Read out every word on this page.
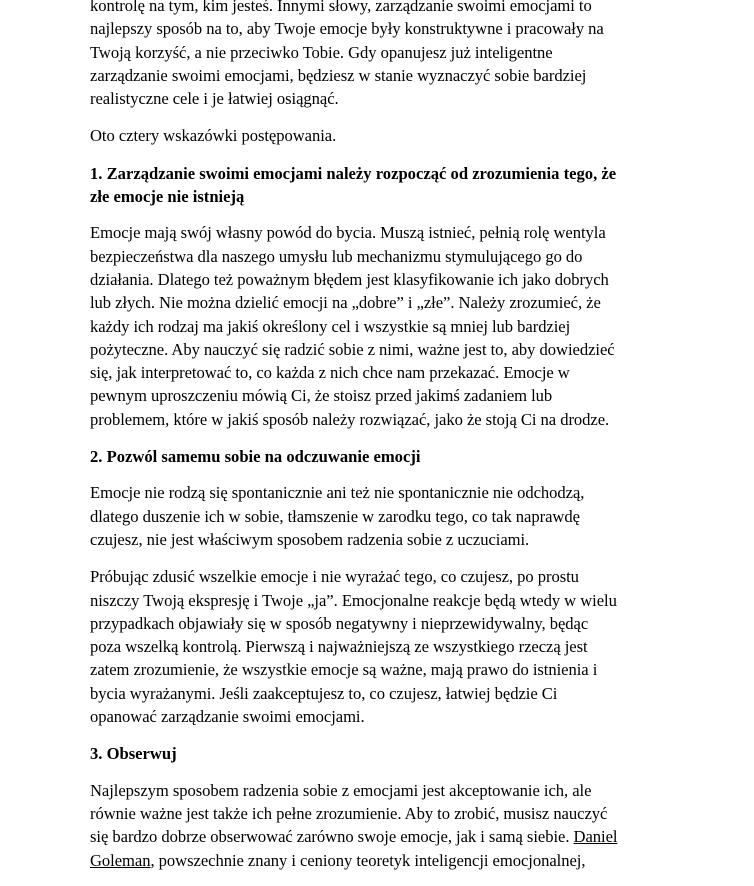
kontrolę na tym, kim jesteś. Innymi słowy, zarządzanie swoimi emocjami to
najlepszy sposób na to, aby Twoje emocje były konstruktywne i pracowały na
Twoją korzyść, a nie przeciwko Tobie. Gdy opanujesz już inteligentne
zarządzanie swoimi emocjami, będziesz w stanie wyznaczyć sobie bardziej
realistyczne cele i je łatwiej osiągnąć.

Oto cztery wskazówki postępowania.

1. Zarządzanie swoimi emocjami należy rozpocząć od zrozumienia tego, że
złe emocje nie istnieją

Emocje mają swój własny powód do bycia. Muszą istnieć, pełnią rolę wentyla
bezpieczeństwa dla naszego umysłu lub mechanizmu stymulującego go do
działania. Dlatego też poważnym błędem jest klasyfikowanie ich jako dobrych
lub złych. Nie można dzielić emocji na „dobre” i „złe”. Należy zrozumieć, że
każdy ich rodzaj ma jakiś określony cel i wszystkie są mniej lub bardziej
pożyteczne. Aby nauczyć się radzić sobie z nimi, ważne jest to, aby dowiedzieć
się, jak interpretować to, co każda z nich chce nam przekazać. Emocje w
pewnym uproszczeniu mówią Ci, że stoisz przed jakimś zadaniem lub
problemem, które w jakiś sposób należy rozwiązać, jako że stoją Ci na drodze.

2. Pozwól samemu sobie na odczuwanie emocji

Emocje nie rodzą się spontanicznie ani też nie spontanicznie nie odchodzą,
dlatego duszenie ich w sobie, tłamszenie w zarodku tego, co tak naprawdę
czujesz, nie jest właściwym sposobem radzenia sobie z uczuciami.

Próbując zdusić wszelkie emocje i nie wyrażać tego, co czujesz, po prostu
niszczy Twoją ekspresję i Twoje „ja”. Emocjonalne reakcje będą wtedy w wielu
przypadkach objawiały się w sposób negatywny i nieprzewidywalny, będąc
poza wszelką kontrolą. Pierwszą i najważniejszą ze wszystkiego rzeczą jest
zatem zrozumienie, że wszystkie emocje są ważne, mają prawo do istnienia i
bycia wyrażanymi. Jeśli zaakceptujesz to, co czujesz, łatwiej będzie Ci
opanować zarządzanie swoimi emocjami.

3. Obserwuj

Najlepszym sposobem radzenia sobie z emocjami jest akceptowanie ich, ale
równie ważne jest także ich pełne zrozumienie. Aby to zrobić, musisz nauczyć
się bardzo dobrze obserwować zarówno swoje emocje, jak i samą siebie. Daniel
Goleman, powszechnie znany i ceniony teoretyk inteligencji emocjonalnej,
